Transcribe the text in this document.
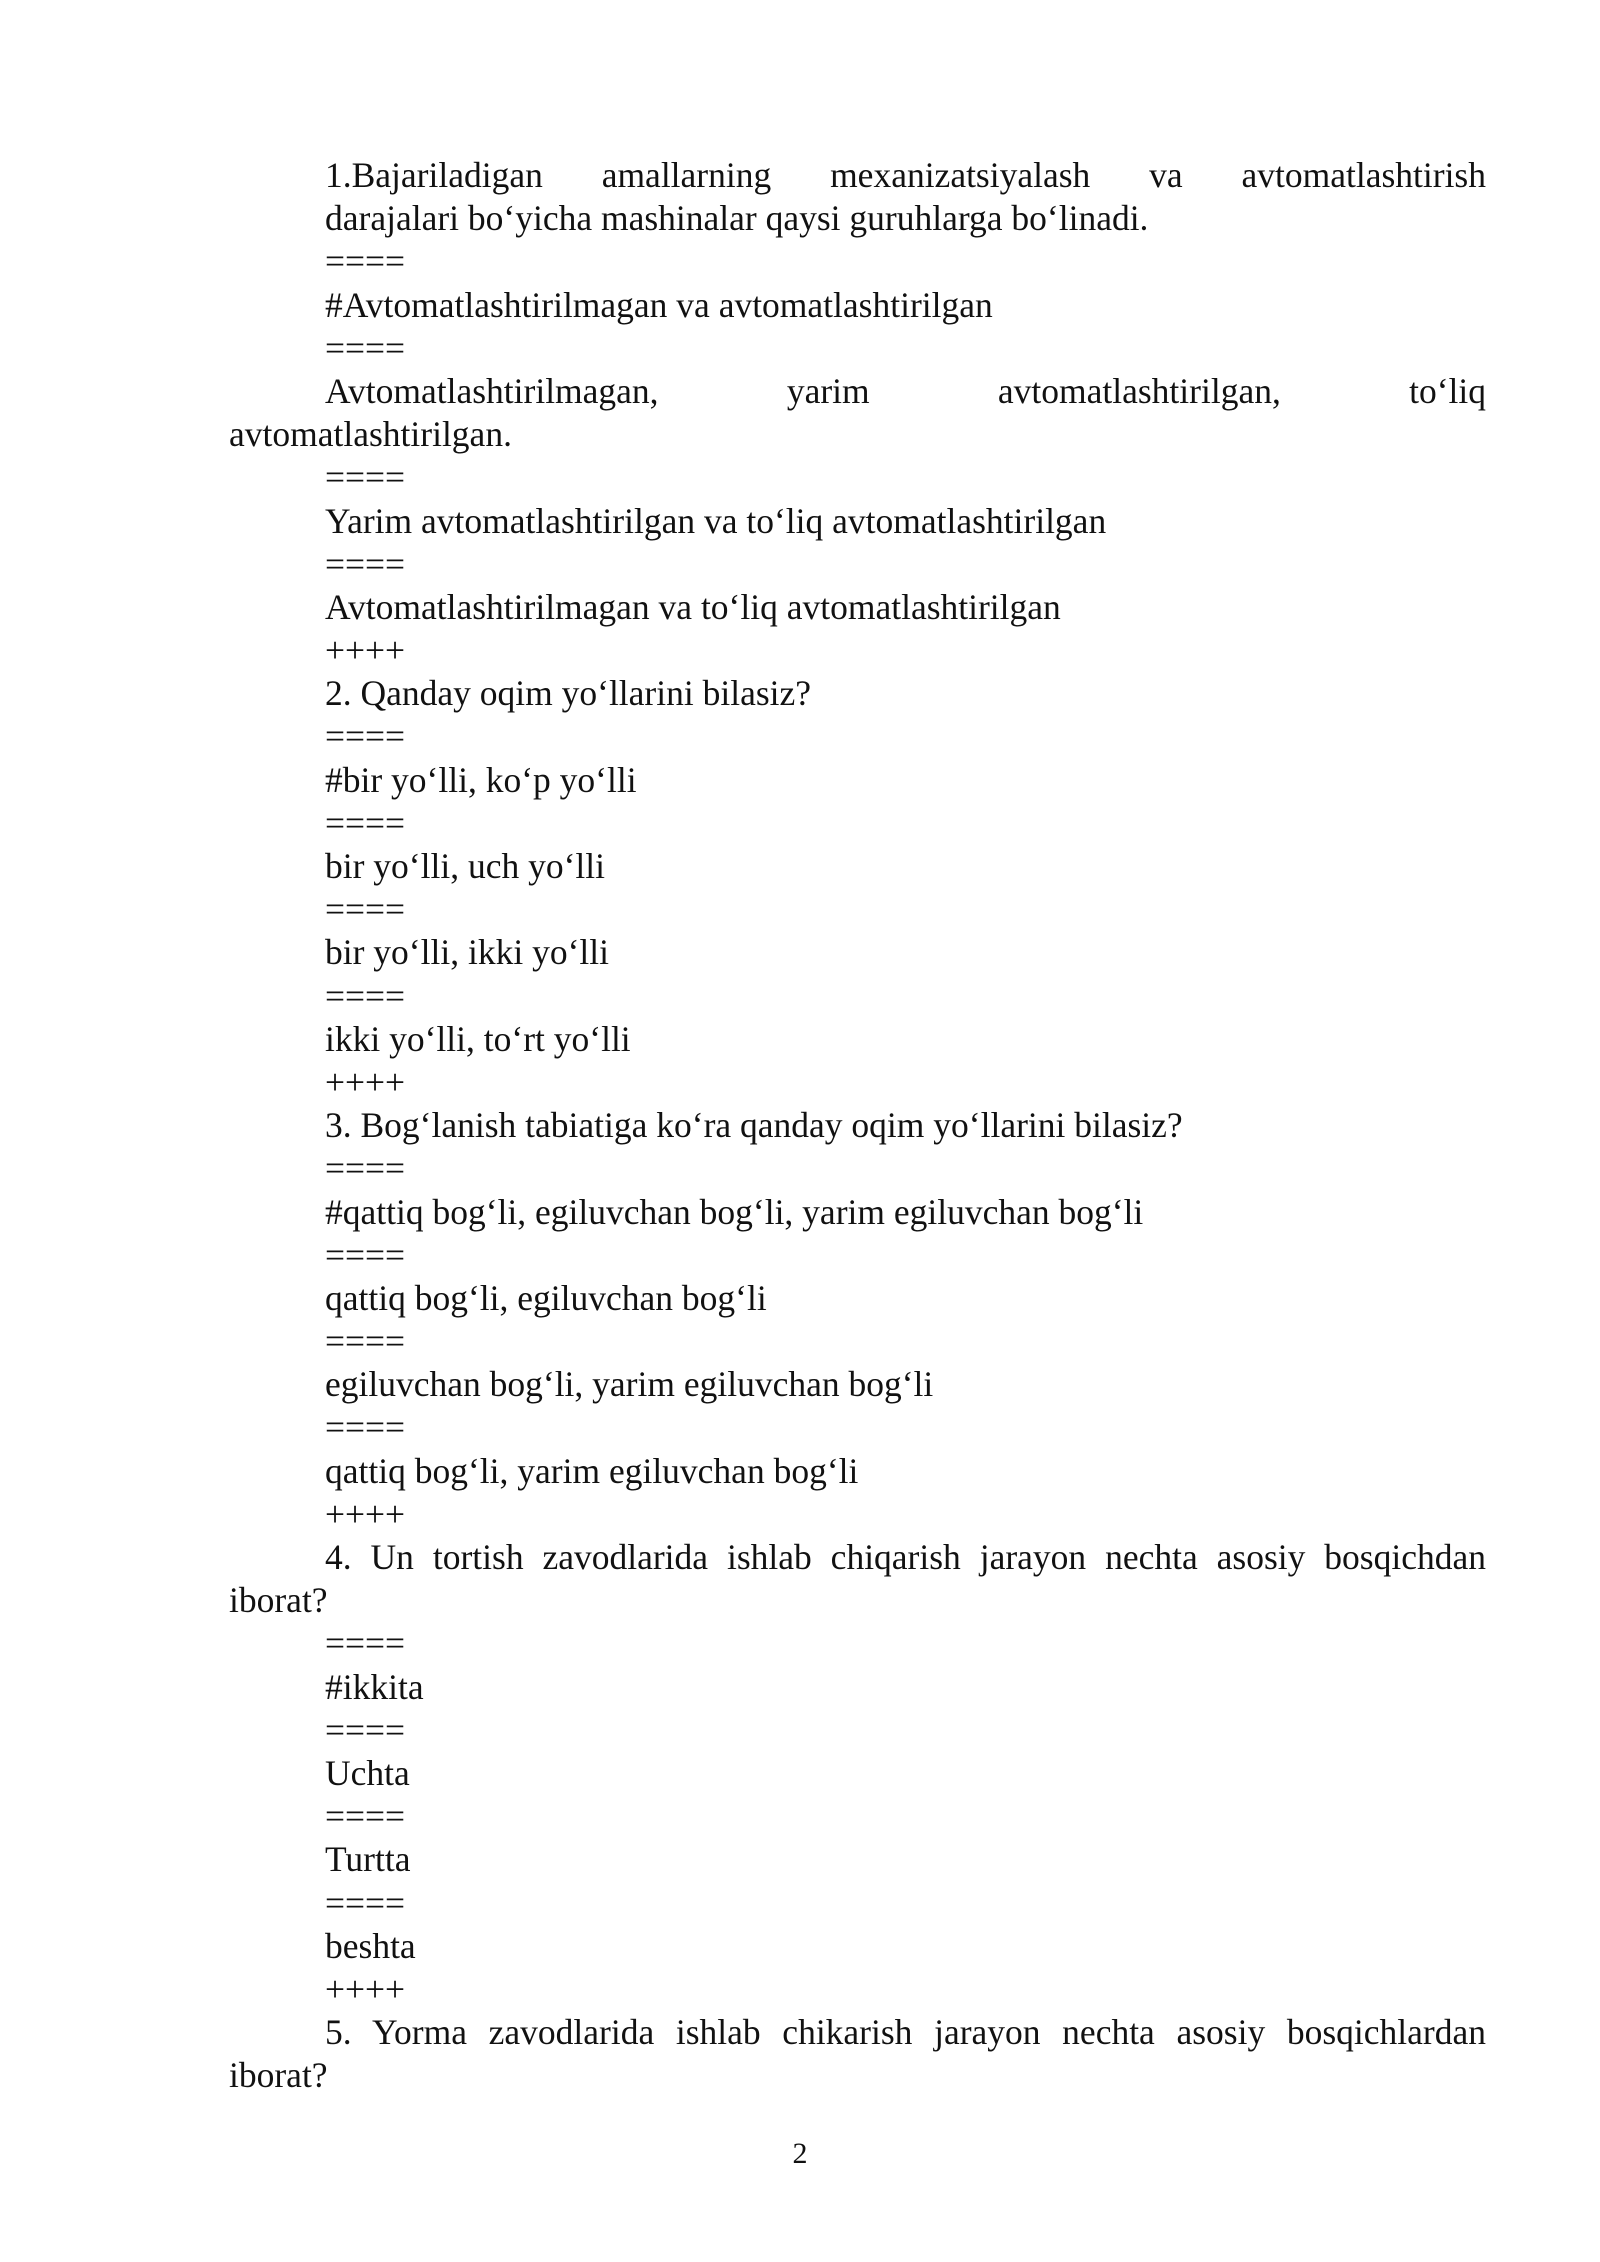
1.Bajariladigan amallarning mexanizatsiyalash va avtomatlashtirish
darajalari bo‘yicha mashinalar qaysi guruhlarga bo‘linadi.
====
#Avtomatlashtirilmagan va avtomatlashtirilgan
====
Avtomatlashtirilmagan, yarim avtomatlashtirilgan, to‘liq
avtomatlashtirilgan.
====
Yarim avtomatlashtirilgan va to‘liq avtomatlashtirilgan
====
Avtomatlashtirilmagan va to‘liq avtomatlashtirilgan
++++
2. Qanday oqim yo‘llarini bilasiz?
====
#bir yo‘lli, ko‘p yo‘lli
====
bir yo‘lli, uch yo‘lli
====
bir yo‘lli, ikki yo‘lli
====
ikki yo‘lli, to‘rt yo‘lli
++++
3. Bog‘lanish tabiatiga ko‘ra qanday oqim yo‘llarini bilasiz?
====
#qattiq bog‘li, egiluvchan bog‘li, yarim egiluvchan bog‘li
====
qattiq bog‘li, egiluvchan bog‘li
====
egiluvchan bog‘li, yarim egiluvchan bog‘li
====
qattiq bog‘li, yarim egiluvchan bog‘li
++++
4. Un tortish zavodlarida ishlab chiqarish jarayon nechta asosiy bosqichdan
iborat?
====
#ikkita
====
Uchta
====
Turtta
====
beshta
++++
5. Yorma zavodlarida ishlab chikarish jarayon nechta asosiy bosqichlardan
iborat?
2
